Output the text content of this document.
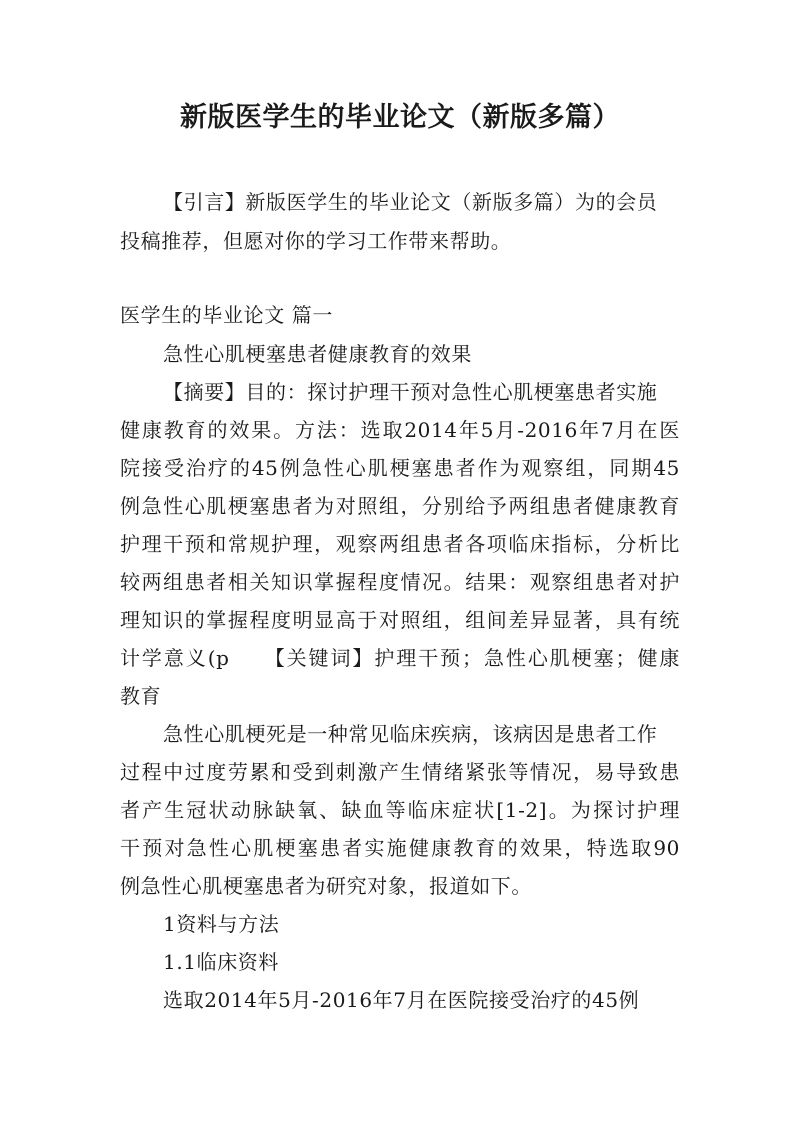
新版医学生的毕业论文（新版多篇）
【引言】新版医学生的毕业论文（新版多篇）为的会员
投稿推荐，但愿对你的学习工作带来帮助。
医学生的毕业论文 篇一
急性心肌梗塞患者健康教育的效果
【摘要】目的：探讨护理干预对急性心肌梗塞患者实施
健康教育的效果。方法：选取2014年5月-2016年7月在医
院接受治疗的45例急性心肌梗塞患者作为观察组，同期45
例急性心肌梗塞患者为对照组，分别给予两组患者健康教育
护理干预和常规护理，观察两组患者各项临床指标，分析比
较两组患者相关知识掌握程度情况。结果：观察组患者对护
理知识的掌握程度明显高于对照组，组间差异显著，具有统
计学意义(p　　【关键词】护理干预；急性心肌梗塞；健康
教育
急性心肌梗死是一种常见临床疾病，该病因是患者工作
过程中过度劳累和受到刺激产生情绪紧张等情况，易导致患
者产生冠状动脉缺氧、缺血等临床症状[1-2]。为探讨护理
干预对急性心肌梗塞患者实施健康教育的效果，特选取90
例急性心肌梗塞患者为研究对象，报道如下。
1资料与方法
1.1临床资料
选取2014年5月-2016年7月在医院接受治疗的45例
